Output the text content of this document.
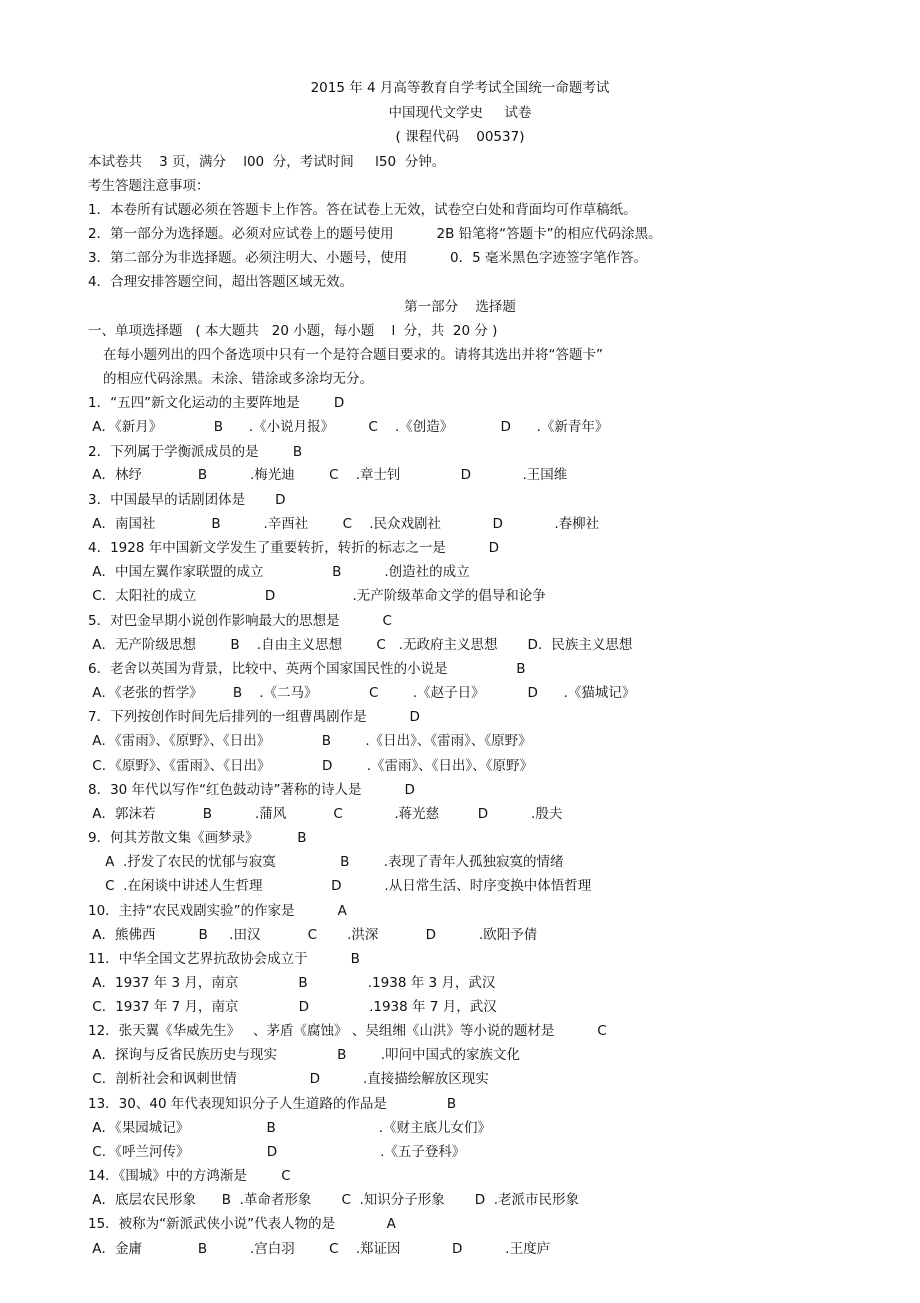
2015 年 4 月高等教育自学考试全国统一命题考试
中国现代文学史     试卷
( 课程代码    00537)
本试卷共    3 页，满分    l00  分，考试时间     l50  分钟。
考生答题注意事项：
1．本卷所有试题必须在答题卡上作答。答在试卷上无效，试卷空白处和背面均可作草稿纸。
2．第一部分为选择题。必须对应试卷上的题号使用          2B 铅笔将“答题卡”的相应代码涂黑。
3．第二部分为非选择题。必须注明大、小题号，使用          0．5 毫米黑色字迹签字笔作答。
4．合理安排答题空间，超出答题区域无效。
第一部分    选择题
一、单项选择题   ( 本大题共   20 小题，每小题    l  分，共  20 分 )
在每小题列出的四个备选项中只有一个是符合题目要求的。请将其选出并将“答题卡”
的相应代码涂黑。未涂、错涂或多涂均无分。
1．“五四”新文化运动的主要阵地是        D
A．《新月》            B      .《小说月报》        C    .《创造》           D      .《新青年》
2．下列属于学衡派成员的是        B
A．林纾             B          .梅光迪        C    .章士钊              D            .王国维
3．中国最早的话剧团体是       D
A．南国社             B          .辛酉社        C    .民众戏剧社            D            .春柳社
4．1928 年中国新文学发生了重要转折，转折的标志之一是          D
A．中国左翼作家联盟的成立                B          .创造社的成立
C．太阳社的成立                D                  .无产阶级革命文学的倡导和论争
5．对巴金早期小说创作影响最大的思想是          C
A．无产阶级思想        B    .自由主义思想        C   .无政府主义思想       D．民族主义思想
6．老舍以英国为背景，比较中、英两个国家国民性的小说是                B
A．《老张的哲学》       B    .《二马》            C        .《赵子日》          D      .《猫城记》
7．下列按创作时间先后排列的一组曹禺剧作是          D
A．《雷雨》、《原野》、《日出》            B        .《日出》、《雷雨》、《原野》
C．《原野》、《雷雨》、《日出》            D        .《雷雨》、《日出》、《原野》
8．30 年代以写作“红色鼓动诗”著称的诗人是          D
A．郭沫若           B          .蒲风           C            .蒋光慈         D          .殷夫
9．何其芳散文集《画梦录》         B
A  .抒发了农民的忧郁与寂寞               B        .表现了青年人孤独寂寞的情绪
C  .在闲谈中讲述人生哲理                D          .从日常生活、时序变换中体悟哲理
10．主持“农民戏剧实验”的作家是          A
A．熊佛西          B     .田汉           C       .洪深           D          .欧阳予倩
11．中华全国文艺界抗敌协会成立于          B
A．1937 年 3 月，南京              B              .1938 年 3 月，武汉
C．1937 年 7 月，南京              D              .1938 年 7 月，武汉
12．张天翼《华威先生》   、茅盾《腐蚀》 、吴组缃《山洪》等小说的题材是          C
A．探询与反省民族历史与现实              B        .叩问中国式的家族文化
C．剖析社会和讽刺世情                 D          .直接描绘解放区现实
13．30、40 年代表现知识分子人生道路的作品是              B
A．《果园城记》                  B                        .《财主底儿女们》
C．《呼兰河传》                  D                        .《五子登科》
14．《围城》中的方鸿渐是        C
A．底层农民形象      B  .革命者形象       C  .知识分子形象       D  .老派市民形象
15．被称为“新派武侠小说”代表人物的是            A
A．金庸             B          .宫白羽        C    .郑证因            D          .王度庐
